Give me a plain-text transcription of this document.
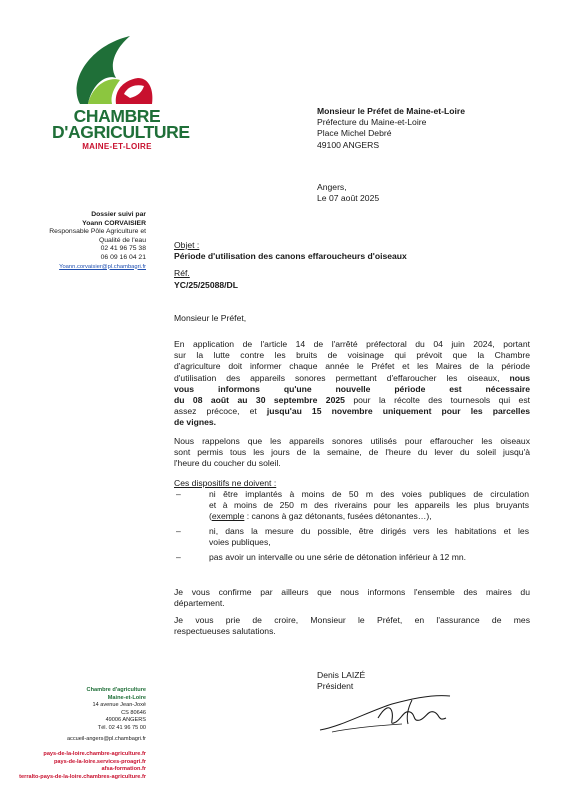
CHAMBRE
D'AGRICULTURE
MAINE-ET-LOIRE
Monsieur le Préfet de Maine-et-Loire
Préfecture du Maine-et-Loire
Place Michel Debré
49100 ANGERS
Angers,
Le 07 août 2025
Dossier suivi par
Yoann CORVAISIER
Responsable Pôle Agriculture et
Qualité de l'eau
02 41 96 75 38
06 09 16 04 21
Yoann.corvaisier@pl.chambagri.fr
Objet :
Période d'utilisation des canons effaroucheurs d'oiseaux
Réf.
YC/25/25088/DL
Monsieur le Préfet,
En application de l'article 14 de l'arrêté préfectoral du 04 juin 2024, portant
sur la lutte contre les bruits de voisinage qui prévoit que la Chambre
d'agriculture doit informer chaque année le Préfet et les Maires de la période
d'utilisation des appareils sonores permettant d'effaroucher les oiseaux, nous
vous informons qu'une nouvelle période est nécessaire
du 08 août au 30 septembre 2025 pour la récolte des tournesols qui est
assez précoce, et jusqu'au 15 novembre uniquement pour les parcelles
de vignes.
Nous rappelons que les appareils sonores utilisés pour effaroucher les oiseaux
sont permis tous les jours de la semaine, de l'heure du lever du soleil jusqu'à
l'heure du coucher du soleil.
Ces dispositifs ne doivent :
–	ni être implantés à moins de 50 m des voies publiques de circulation
et à moins de 250 m des riverains pour les appareils les plus bruyants
(exemple : canons à gaz détonants, fusées détonantes…),
–	ni, dans la mesure du possible, être dirigés vers les habitations et les
voies publiques,
–	pas avoir un intervalle ou une série de détonation inférieur à 12 mn.
Je vous confirme par ailleurs que nous informons l'ensemble des maires du
département.
Je vous prie de croire, Monsieur le Préfet, en l'assurance de mes
respectueuses salutations.
Denis LAIZÉ
Président
Chambre d'agriculture
Maine-et-Loire
14 avenue Jean-Joxé
CS 80646
49006 ANGERS
Tél. 02 41 96 75 00
accueil-angers@pl.chambagri.fr
pays-de-la-loire.chambre-agriculture.fr
pays-de-la-loire.services-proagri.fr
afsa-formation.fr
terralto-pays-de-la-loire.chambres-agriculture.fr
